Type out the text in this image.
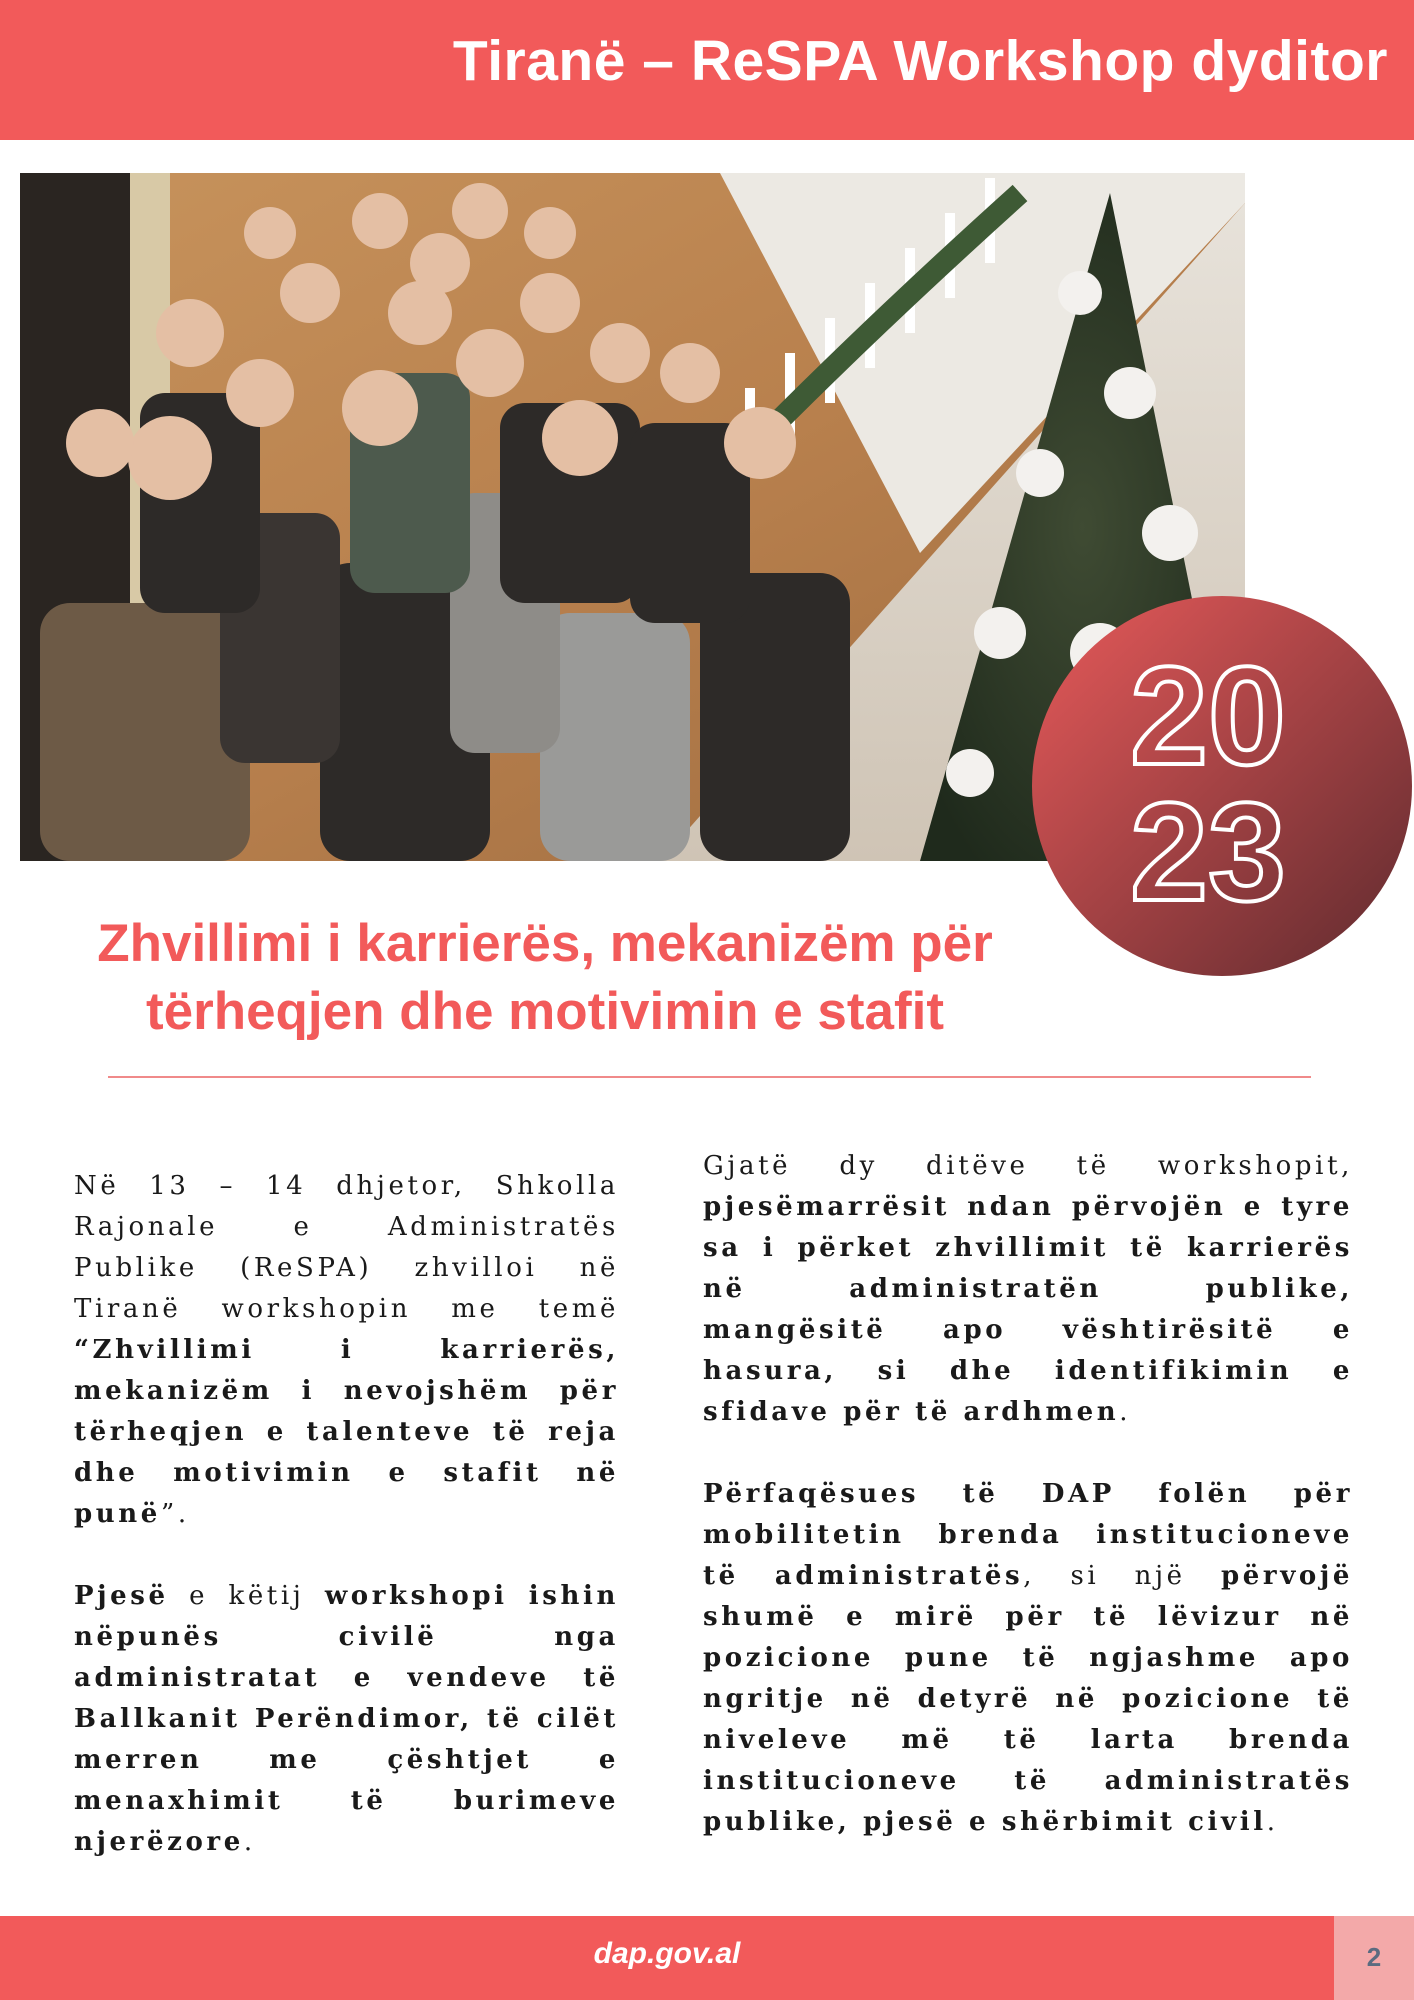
Tiranë – ReSPA Workshop dyditor
20
23
Zhvillimi i karrierës, mekanizëm për
tërheqjen dhe motivimin e stafit

Në 13 – 14 dhjetor, Shkolla Rajonale e Administratës Publike (ReSPA) zhvilloi në Tiranë workshopin me temë “Zhvillimi i karrierës, mekanizëm i nevojshëm për tërheqjen e talenteve të reja dhe motivimin e stafit në punë”.

Pjesë e këtij workshopi ishin nëpunës civilë nga administratat e vendeve të Ballkanit Perëndimor, të cilët merren me çështjet e menaxhimit të burimeve njerëzore.

Gjatë dy ditëve të workshopit, pjesëmarrësit ndan përvojën e tyre sa i përket zhvillimit të karrierës në administratën publike, mangësitë apo vështirësitë e hasura, si dhe identifikimin e sfidave për të ardhmen.

Përfaqësues të DAP folën për mobilitetin brenda institucioneve të administratës, si një përvojë shumë e mirë për të lëvizur në pozicione pune të ngjashme apo ngritje në detyrë në pozicione të niveleve më të larta brenda institucioneve të administratës publike, pjesë e shërbimit civil.

dap.gov.al	2
